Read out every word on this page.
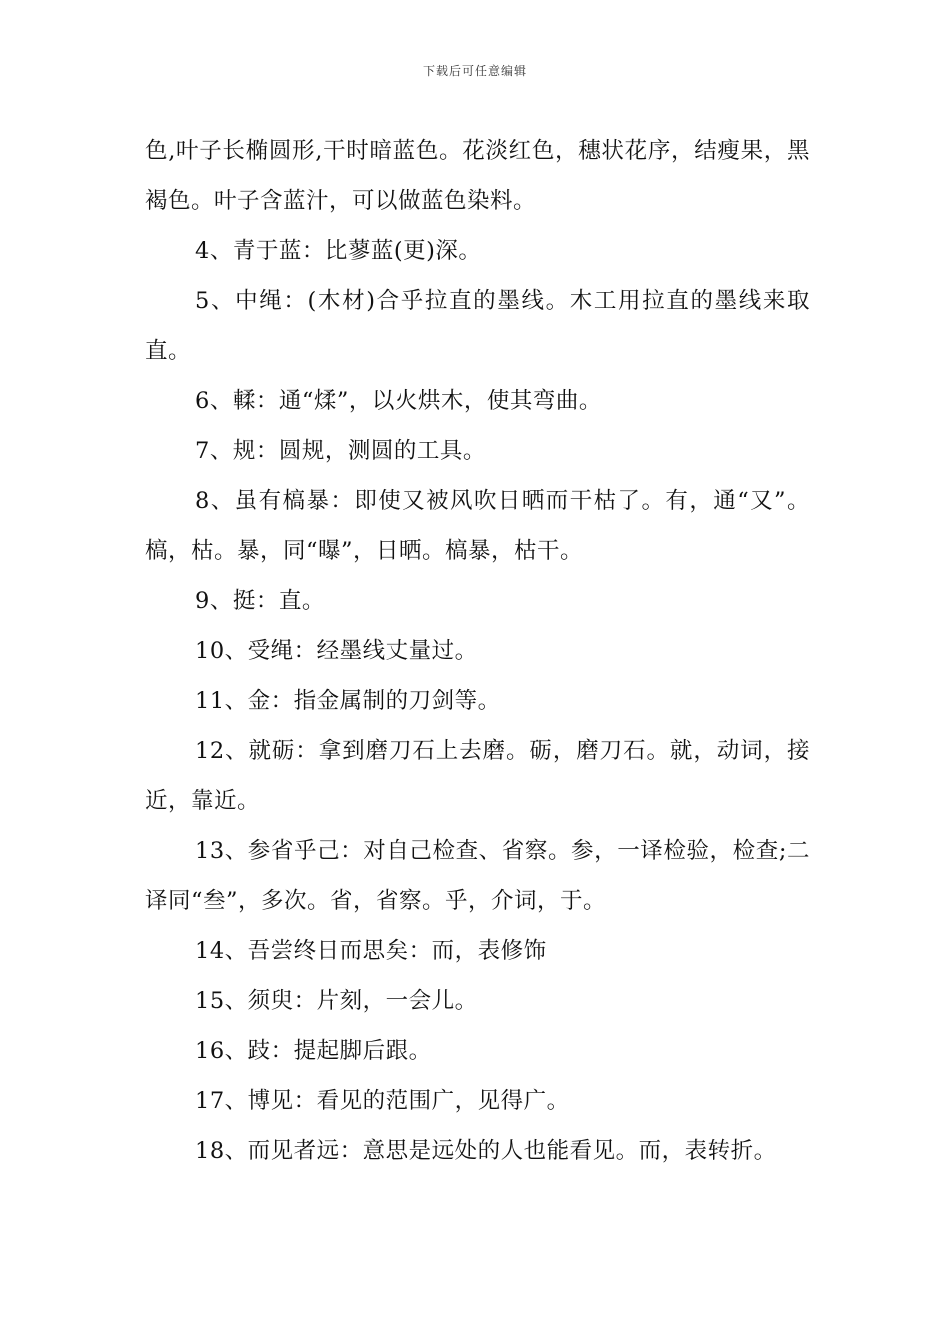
下载后可任意编辑

色,叶子长椭圆形,干时暗蓝色。花淡红色，穗状花序，结瘦果，黑褐色。叶子含蓝汁，可以做蓝色染料。

4、青于蓝：比蓼蓝(更)深。

5、中绳：(木材)合乎拉直的墨线。木工用拉直的墨线来取直。

6、輮：通“煣”，以火烘木，使其弯曲。

7、规：圆规，测圆的工具。

8、虽有槁暴：即使又被风吹日晒而干枯了。有，通“又”。槁，枯。暴，同“曝”，日晒。槁暴，枯干。

9、挺：直。

10、受绳：经墨线丈量过。

11、金：指金属制的刀剑等。

12、就砺：拿到磨刀石上去磨。砺，磨刀石。就，动词，接近，靠近。

13、参省乎己：对自己检查、省察。参，一译检验，检查;二译同“叁”，多次。省，省察。乎，介词，于。

14、吾尝终日而思矣：而，表修饰

15、须臾：片刻，一会儿。

16、跂：提起脚后跟。

17、博见：看见的范围广，见得广。

18、而见者远：意思是远处的人也能看见。而，表转折。
